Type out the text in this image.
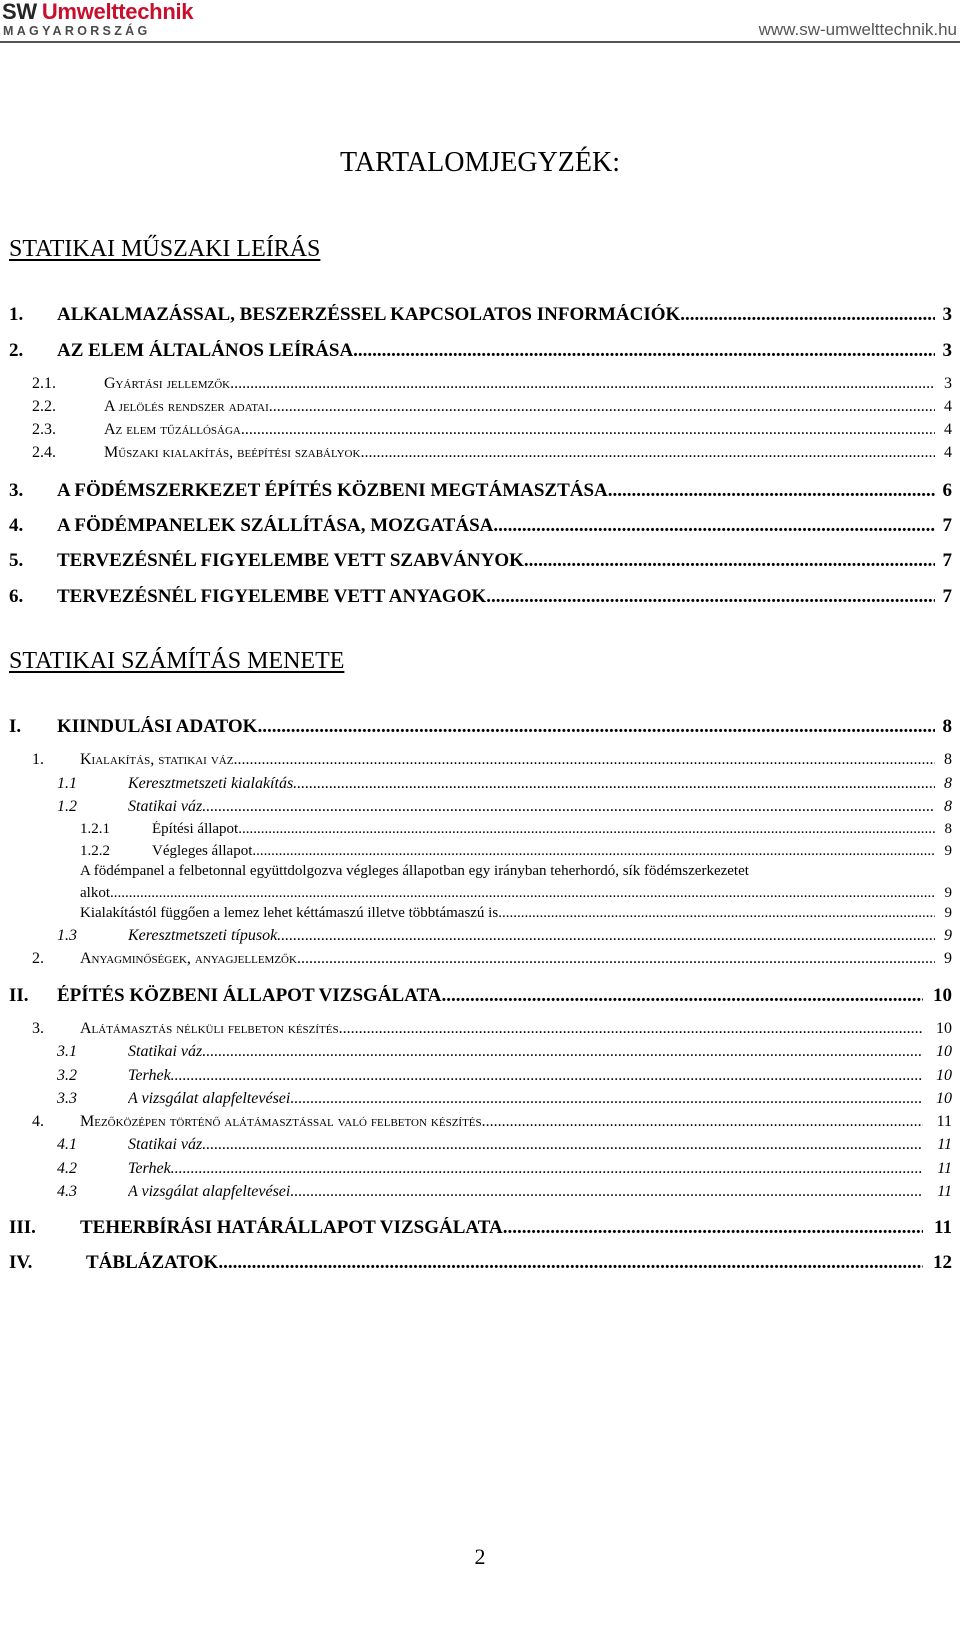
SW Umwelttechnik
MAGYARORSZÁG	www.sw-umwelttechnik.hu
TARTALOMJEGYZÉK:
STATIKAI MŰSZAKI LEÍRÁS
STATIKAI SZÁMÍTÁS MENETE
1. ALKALMAZÁSSAL, BESZERZÉSSEL KAPCSOLATOS INFORMÁCIÓK .....	3
2. AZ ELEM ÁLTALÁNOS LEÍRÁSA .....	3
2.1.	Gyártási jellemzők .....	3
2.2.	A jelölés rendszer adatai .....	4
2.3.	Az elem tűzállósága .....	4
2.4.	Műszaki kialakítás, beépítési szabályok .....	4
3. A FÖDÉMSZERKEZET ÉPÍTÉS KÖZBENI MEGTÁMASZTÁSA .....	6
4. A FÖDÉMPANELEK SZÁLLÍTÁSA, MOZGATÁSA .....	7
5. TERVEZÉSNÉL FIGYELEMBE VETT SZABVÁNYOK .....	7
6. TERVEZÉSNÉL FIGYELEMBE VETT ANYAGOK .....	7
I. KIINDULÁSI ADATOK .....	8
1. Kialakítás, statikai váz .....	8
1.1	Keresztmetszeti kialakítás .....	8
1.2	Statikai váz .....	8
1.2.1	Építési állapot .....	8
1.2.2	Végleges állapot .....	9
A födémpanel a felbetonnal együttdolgozva végleges állapotban egy irányban teherhordó, sík födémszerkezetet
alkot. .....	9
Kialakítástól függően a lemez lehet kéttámaszú illetve többtámaszú is. .....	9
1.3	Keresztmetszeti típusok .....	9
2. Anyagminőségek, anyagjellemzők .....	9
II. ÉPÍTÉS KÖZBENI ÁLLAPOT VIZSGÁLATA .....	10
3. Alátámasztás nélküli felbeton készítés .....	10
3.1	Statikai váz .....	10
3.2	Terhek .....	10
3.3	A vizsgálat alapfeltevései .....	10
4. Mezőközépen történő alátámasztással való felbeton készítés .....	11
4.1	Statikai váz .....	11
4.2	Terhek .....	11
4.3	A vizsgálat alapfeltevései .....	11
III. TEHERBÍRÁSI HATÁRÁLLAPOT VIZSGÁLATA .....	11
IV.	TÁBLÁZATOK .....	12
2
